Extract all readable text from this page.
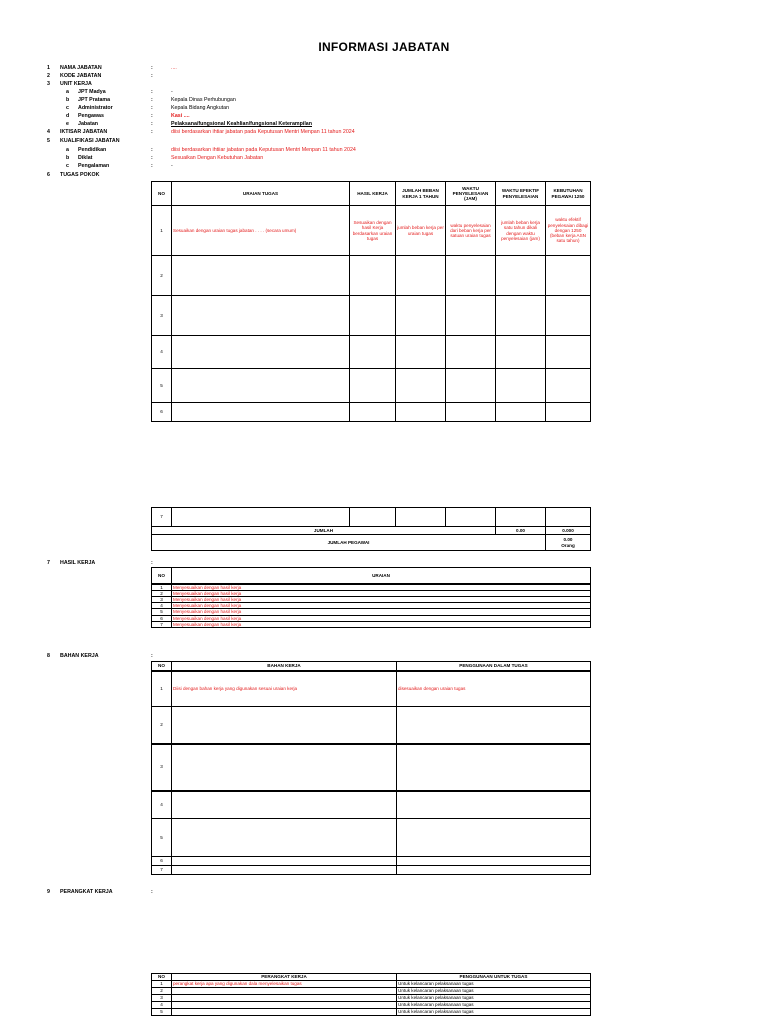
INFORMASI JABATAN
1 NAMA JABATAN	:	....
2 KODE JABATAN	:
3 UNIT KERJA
a JPT Madya	:	-
b JPT Pratama	:	Kepala Dinas Perhubungan
c Administrator	:	Kepala Bidang Angkutan
d Pengawas	:	Kasi ....
e Jabatan	:	Pelaksana/fungsional Keahlian/fungsional Keterampilan
4 IKTISAR JABATAN	:	diisi berdasarkan ihtiar jabatan pada Keputusan Mentri Menpan 11 tahun 2024
5 KUALIFIKASI JABATAN
a Pendidikan	:	diisi berdasarkan ihtiiar jabatan pada Keputusan Mentri Menpan 11 tahun 2024
b Diklat	:	Sesuaikan Dengan Kebutuhan Jabatan
c Pengalaman	:	-
6 TUGAS POKOK
NO	URAIAN TUGAS	HASIL KERJA	JUMLAH BEBAN KERJA 1 TAHUN	WAKTU PENYELESAIAN (JAM)	WAKTU EFEKTIF PENYELESAIAN	KEBUTUHAN PEGAWAI 1250
1	Sesuaikan dengan uraian tugas jabatan . . . . (secara umum)	Sesuaikan dengan hasil Kerja berdasarkan uraian tugas	jumlah beban kerja per uraian tugas	waktu penyelesaian dari beban kerja per satuan uraian tugas	jumlah beban kerja satu tahun dikali dengan waktu penyelesaian (jam)	waktu efektif penyelesaian dibagi dengan 1250 (beban kerja ASN satu tahun)
2						
3						
4						
5						
6						
7						
JUMLAH					0.00	0.000
JUMLAH PEGAWAI						0.00
Orang
7 HASIL KERJA	:
NO	URAIAN
1	Menyesuaikan dengan hasil kerja
2	Menyesuaikan dengan hasil kerja
3	Menyesuaikan dengan hasil kerja
4	Menyesuaikan dengan hasil kerja
5	Menyesuaikan dengan hasil kerja
6	Menyesuaikan dengan hasil kerja
7	Menyesuaikan dengan hasil kerja
8 BAHAN KERJA	:
NO	BAHAN KERJA	PENGGUNAAN DALAM TUGAS
1	Diisi dengan bahan kerja yang digunakan sesuai uraian kerja	disesuaikan dengan uraian tugas
2		
3		
4		
5		
6		
7		
9 PERANGKAT KERJA	:
NO	PERANGKAT KERJA	PENGGUNAAN UNTUK TUGAS
1	perangkat kerja apa yang digunakan dala menyelesaikan tugas	Untuk kelancaran pelaksanaan tugas
2		Untuk kelancaran pelaksanaan tugas
3		Untuk kelancaran pelaksanaan tugas
4		Untuk kelancaran pelaksanaan tugas
5		Untuk kelancaran pelaksanaan tugas
